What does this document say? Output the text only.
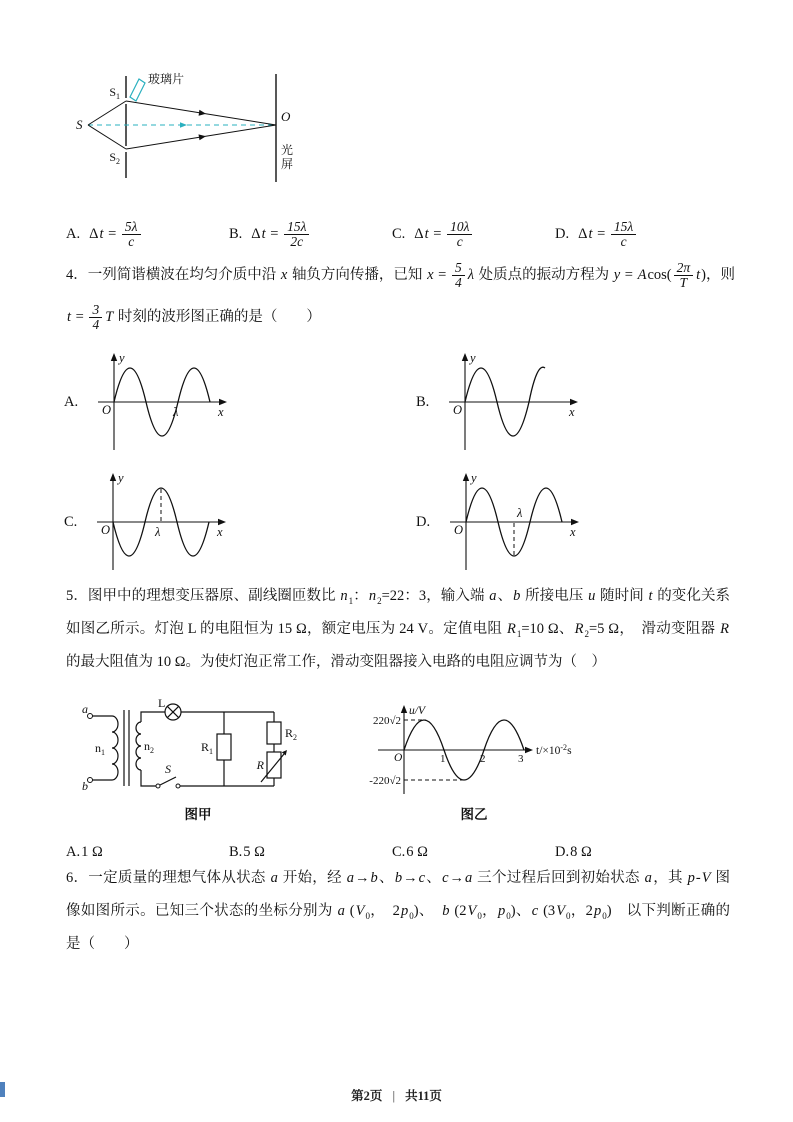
S
$S_1$
$S_2$
玻璃片
O
光
屏
A. $\Delta t = \frac{5\lambda}{c}$	B. $\Delta t = \frac{15\lambda}{2c}$	C. $\Delta t = \frac{10\lambda}{c}$	D. $\Delta t = \frac{15\lambda}{c}$
4．一列简谐横波在均匀介质中沿 x 轴负方向传播，已知 $x = \frac{5}{4}$ λ 处质点的振动方程为 $y = Acos( \frac{2\pi}{T} t)$，则
$t = \frac{3}{4}$ T 时刻的波形图正确的是（　　）
A.
y
x
O	λ
B.
y
x
O
C.
y
x
O	λ
D.
y
x
O
λ
5．图甲中的理想变压器原、副线圈匝数比 $n_1$：$n_2=22$：3，输入端 a、b 所接电压 u 随时间 t 的变化关系如图乙所示。灯泡 L 的电阻恒为 15 Ω，额定电压为 24 V。定值电阻 $R_1=10$ Ω、$R_2=5$ Ω，　滑动变阻器 R 的最大阻值为 10 Ω。为使灯泡正常工作，滑动变阻器接入电路的电阻应调节为（　）
a
b
$n_1$	$n_2$
L
S
$R_1$
$R_2$
R
图甲
220√2
-220√2
u/V
O	1	2	3
$t/\times 10^{-2}s$
图乙
A.1 Ω	B.5 Ω	C.6 Ω	D.8 Ω
6．一定质量的理想气体从状态 a 开始，经 a→b、b→c、c→a 三个过程后回到初始状态 a，其 p-V 图像如图所示。已知三个状态的坐标分别为 a ($V_0$，　$2p_0$)、　b ($2V_0$，$p_0$)、c ($3V_0$，$2p_0$)　以下判断正确的是（　　）
第2页 | 共11页
